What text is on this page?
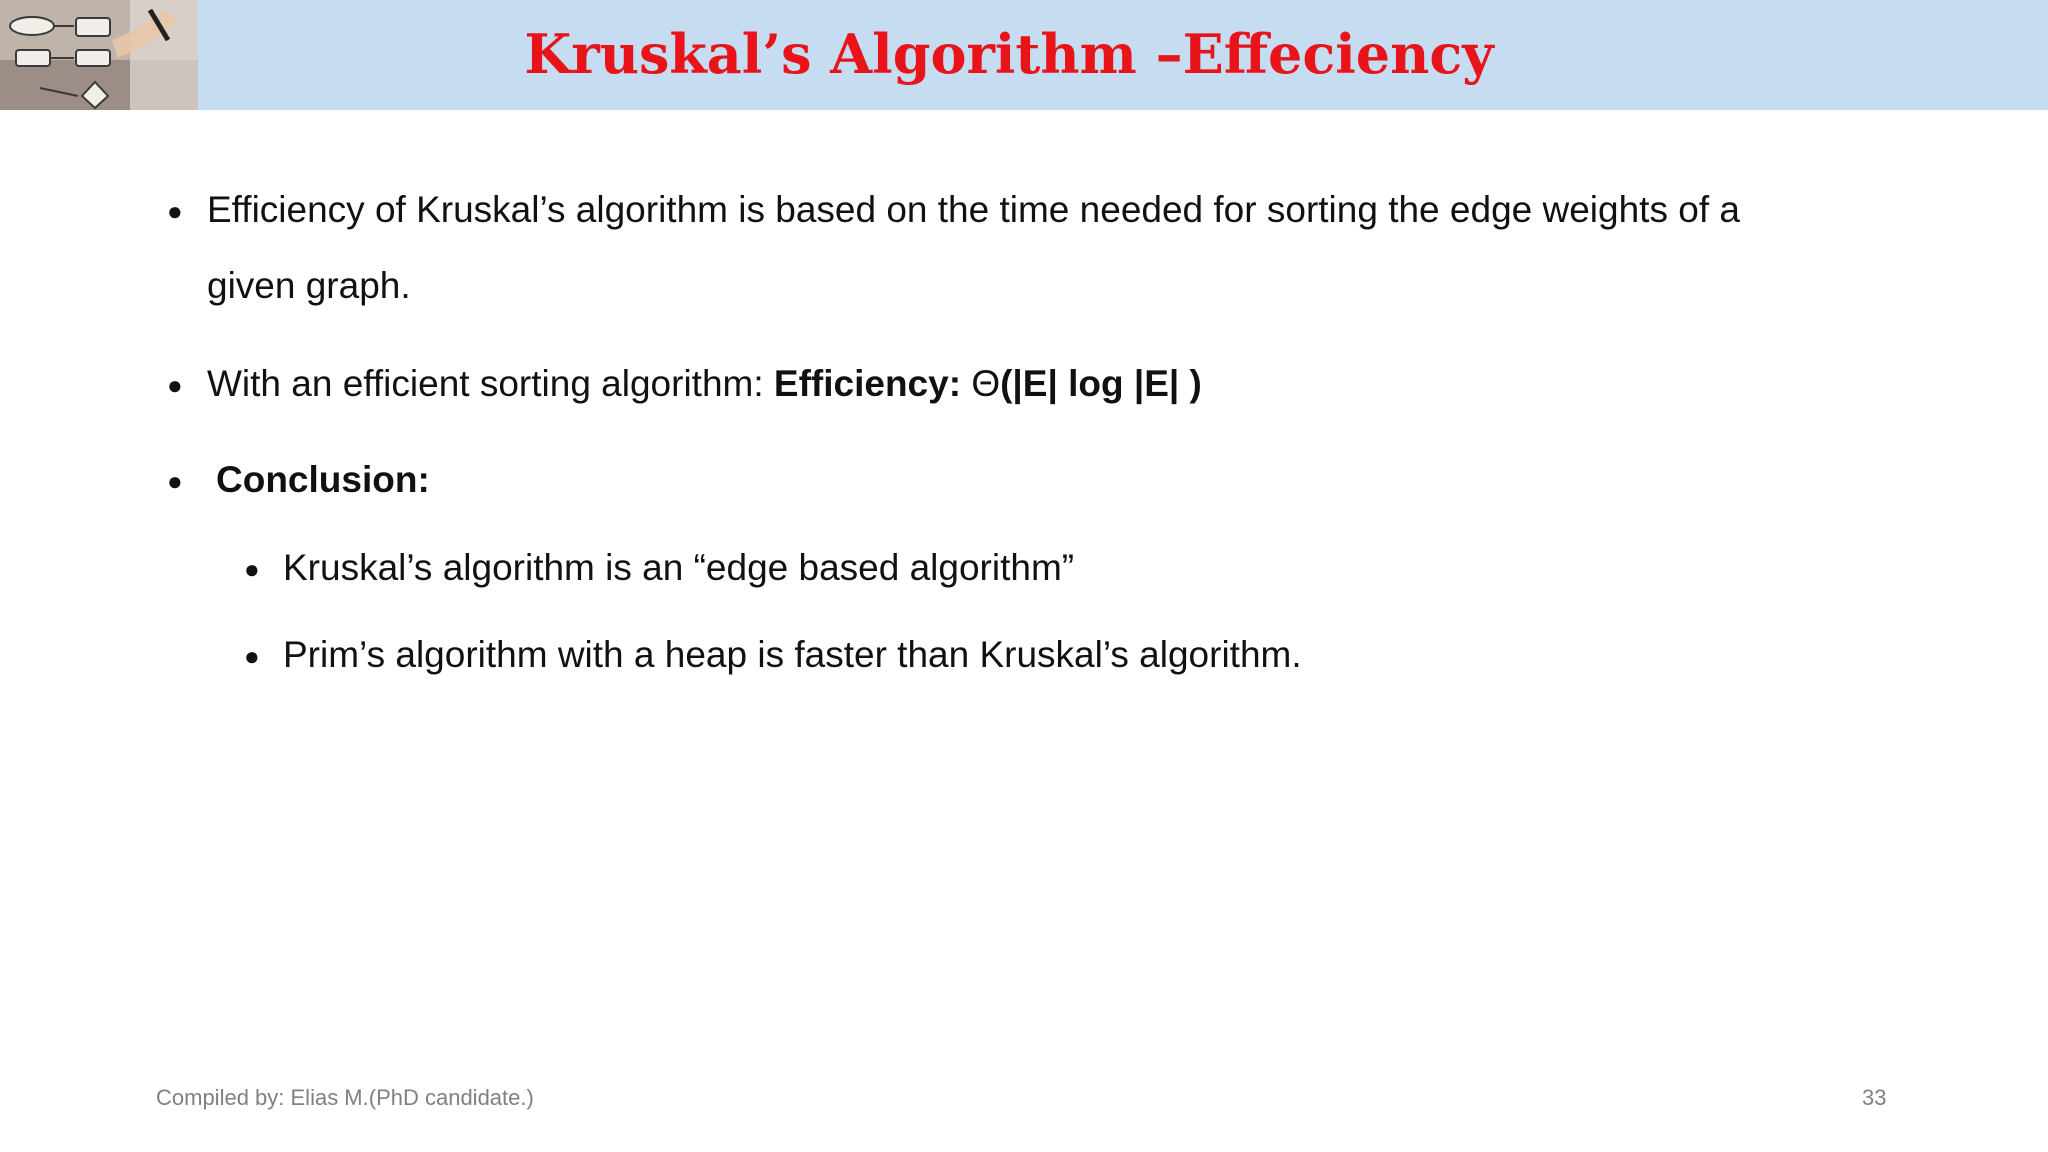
Kruskal’s Algorithm –Effeciency
● Efficiency of Kruskal’s algorithm is based on the time needed for sorting the edge weights of a
given graph.
● With an efficient sorting algorithm: Efficiency: Θ(|E| log |E| )
● Conclusion:
● Kruskal’s algorithm is an “edge based algorithm”
● Prim’s algorithm with a heap is faster than Kruskal’s algorithm.
Compiled by: Elias M.(PhD candidate.)	33
